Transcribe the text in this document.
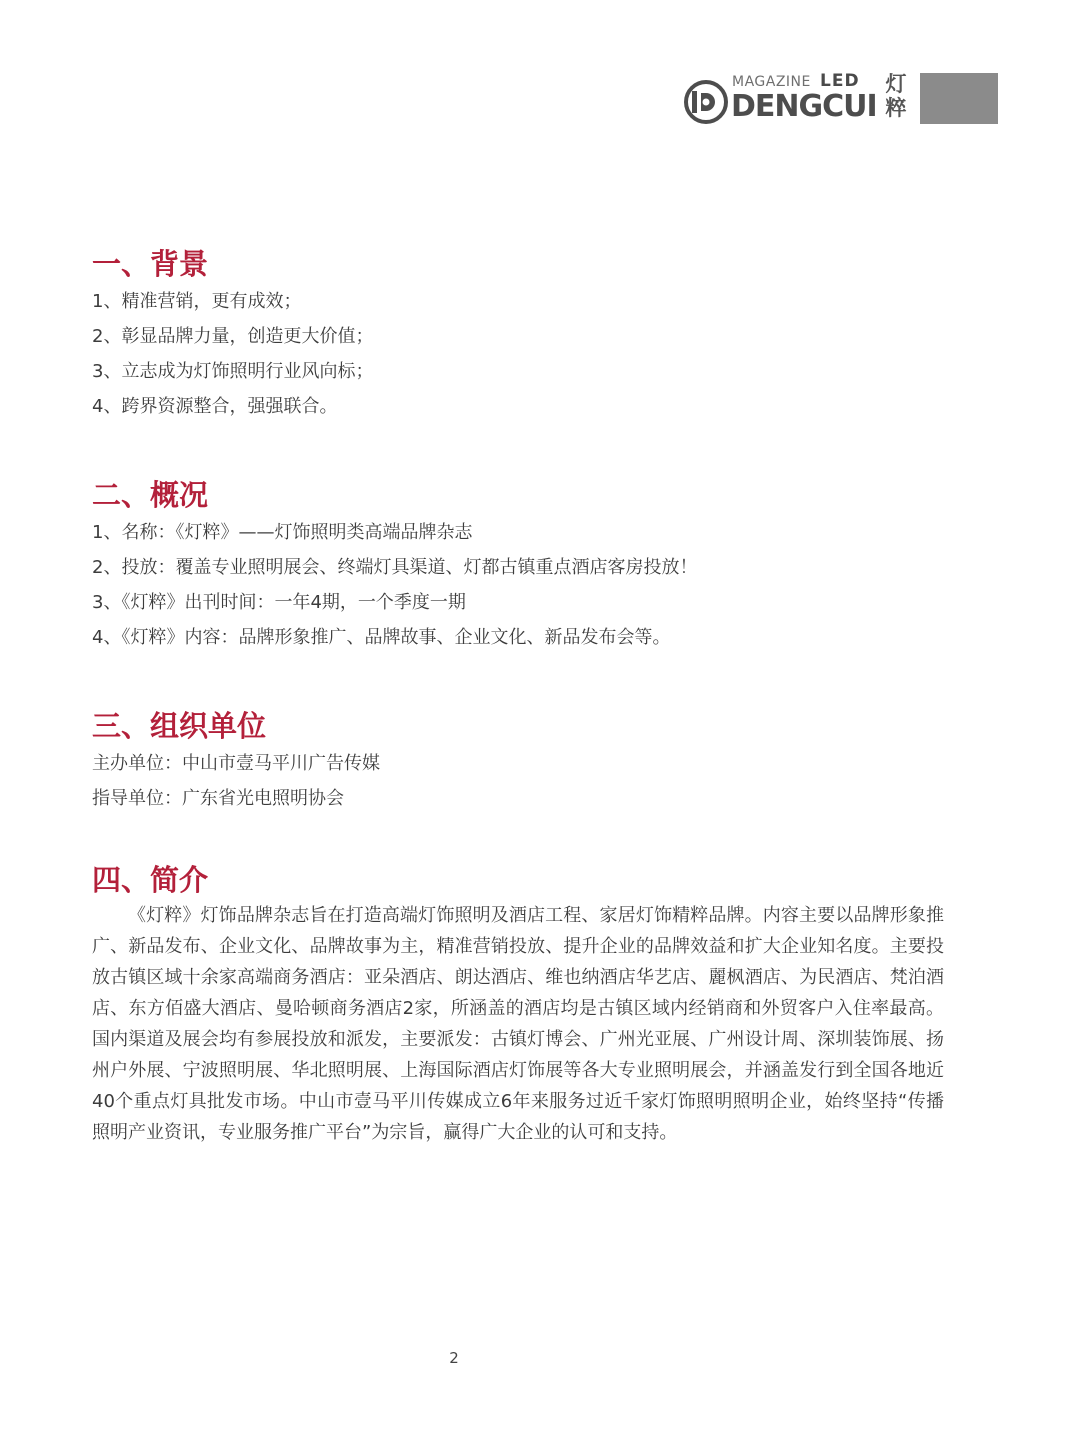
MAGAZINE LED
DENGCUI
灯
粹
一、背景
1、精准营销，更有成效；
2、彰显品牌力量，创造更大价值；
3、立志成为灯饰照明行业风向标；
4、跨界资源整合，强强联合。
二、概况
1、名称：《灯粹》——灯饰照明类高端品牌杂志
2、投放：覆盖专业照明展会、终端灯具渠道、灯都古镇重点酒店客房投放！
3、《灯粹》出刊时间：一年4期，一个季度一期
4、《灯粹》内容：品牌形象推广、品牌故事、企业文化、新品发布会等。
三、组织单位
主办单位：中山市壹马平川广告传媒
指导单位：广东省光电照明协会
四、简介

《灯粹》灯饰品牌杂志旨在打造高端灯饰照明及酒店工程、家居灯饰精粹品牌。内容主要以品牌形象推广、新品发布、企业文化、品牌故事为主，精准营销投放、提升企业的品牌效益和扩大企业知名度。主要投放古镇区域十余家高端商务酒店：亚朵酒店、朗达酒店、维也纳酒店华艺店、麗枫酒店、为民酒店、梵泊酒店、东方佰盛大酒店、曼哈顿商务酒店2家，所涵盖的酒店均是古镇区域内经销商和外贸客户入住率最高。国内渠道及展会均有参展投放和派发，主要派发：古镇灯博会、广州光亚展、广州设计周、深圳装饰展、扬州户外展、宁波照明展、华北照明展、上海国际酒店灯饰展等各大专业照明展会，并涵盖发行到全国各地近40个重点灯具批发市场。中山市壹马平川传媒成立6年来服务过近千家灯饰照明照明企业，始终坚持“传播照明产业资讯，专业服务推广平台”为宗旨，赢得广大企业的认可和支持。

2
